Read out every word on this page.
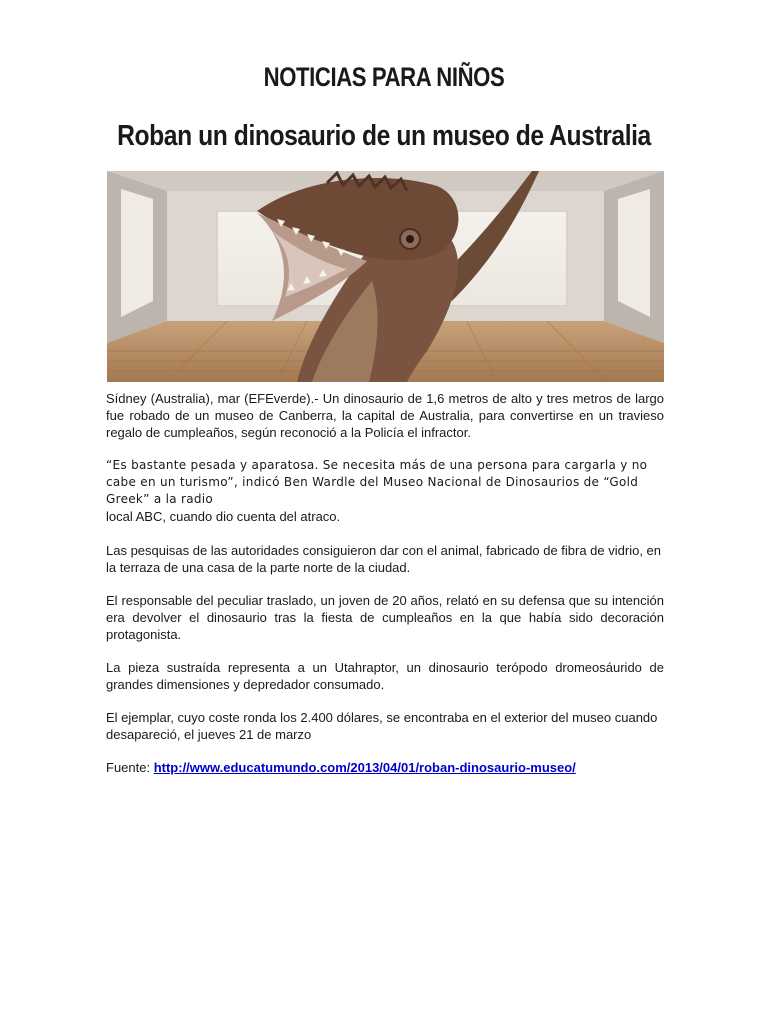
NOTICIAS PARA NIÑOS
Roban un dinosaurio de un museo de Australia

Sídney (Australia), mar (EFEverde).- Un dinosaurio de 1,6 metros de alto y tres metros de largo fue robado de un museo de Canberra, la capital de Australia, para convertirse en un travieso regalo de cumpleaños, según reconoció a la Policía el infractor.

“Es bastante pesada y aparatosa. Se necesita más de una persona para cargarla y no cabe en un turismo”, indicó Ben Wardle del Museo Nacional de Dinosaurios de “Gold Greek” a la radio
local ABC, cuando dio cuenta del atraco.

Las pesquisas de las autoridades consiguieron dar con el animal, fabricado de fibra de vidrio, en la terraza de una casa de la parte norte de la ciudad.

El responsable del peculiar traslado, un joven de 20 años, relató en su defensa que su intención era devolver el dinosaurio tras la fiesta de cumpleaños en la que había sido decoración protagonista.

La pieza sustraída representa a un Utahraptor, un dinosaurio terópodo dromeosáurido de grandes dimensiones y depredador consumado.

El ejemplar, cuyo coste ronda los 2.400 dólares, se encontraba en el exterior del museo cuando desapareció, el jueves 21 de marzo

Fuente: http://www.educatumundo.com/2013/04/01/roban-dinosaurio-museo/
